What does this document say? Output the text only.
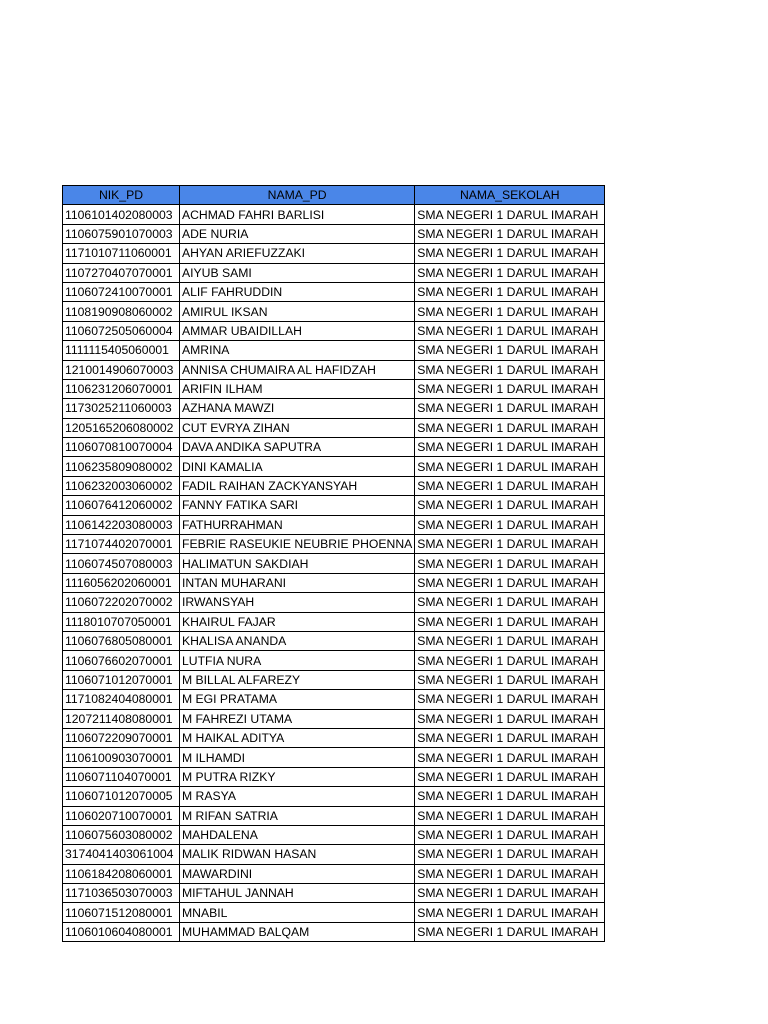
NIK_PD	NAMA_PD	NAMA_SEKOLAH
1106101402080003	ACHMAD FAHRI BARLISI	SMA NEGERI 1 DARUL IMARAH
1106075901070003	ADE NURIA	SMA NEGERI 1 DARUL IMARAH
1171010711060001	AHYAN ARIEFUZZAKI	SMA NEGERI 1 DARUL IMARAH
1107270407070001	AIYUB SAMI	SMA NEGERI 1 DARUL IMARAH
1106072410070001	ALIF FAHRUDDIN	SMA NEGERI 1 DARUL IMARAH
1108190908060002	AMIRUL IKSAN	SMA NEGERI 1 DARUL IMARAH
1106072505060004	AMMAR UBAIDILLAH	SMA NEGERI 1 DARUL IMARAH
1111115405060001	AMRINA	SMA NEGERI 1 DARUL IMARAH
1210014906070003	ANNISA CHUMAIRA AL HAFIDZAH	SMA NEGERI 1 DARUL IMARAH
1106231206070001	ARIFIN ILHAM	SMA NEGERI 1 DARUL IMARAH
1173025211060003	AZHANA MAWZI	SMA NEGERI 1 DARUL IMARAH
1205165206080002	CUT EVRYA ZIHAN	SMA NEGERI 1 DARUL IMARAH
1106070810070004	DAVA ANDIKA SAPUTRA	SMA NEGERI 1 DARUL IMARAH
1106235809080002	DINI KAMALIA	SMA NEGERI 1 DARUL IMARAH
1106232003060002	FADIL RAIHAN ZACKYANSYAH	SMA NEGERI 1 DARUL IMARAH
1106076412060002	FANNY FATIKA SARI	SMA NEGERI 1 DARUL IMARAH
1106142203080003	FATHURRAHMAN	SMA NEGERI 1 DARUL IMARAH
1171074402070001	FEBRIE RASEUKIE NEUBRIE PHOENNA	SMA NEGERI 1 DARUL IMARAH
1106074507080003	HALIMATUN SAKDIAH	SMA NEGERI 1 DARUL IMARAH
1116056202060001	INTAN MUHARANI	SMA NEGERI 1 DARUL IMARAH
1106072202070002	IRWANSYAH	SMA NEGERI 1 DARUL IMARAH
1118010707050001	KHAIRUL FAJAR	SMA NEGERI 1 DARUL IMARAH
1106076805080001	KHALISA ANANDA	SMA NEGERI 1 DARUL IMARAH
1106076602070001	LUTFIA NURA	SMA NEGERI 1 DARUL IMARAH
1106071012070001	M BILLAL ALFAREZY	SMA NEGERI 1 DARUL IMARAH
1171082404080001	M EGI PRATAMA	SMA NEGERI 1 DARUL IMARAH
1207211408080001	M FAHREZI UTAMA	SMA NEGERI 1 DARUL IMARAH
1106072209070001	M HAIKAL ADITYA	SMA NEGERI 1 DARUL IMARAH
1106100903070001	M ILHAMDI	SMA NEGERI 1 DARUL IMARAH
1106071104070001	M PUTRA RIZKY	SMA NEGERI 1 DARUL IMARAH
1106071012070005	M RASYA	SMA NEGERI 1 DARUL IMARAH
1106020710070001	M RIFAN SATRIA	SMA NEGERI 1 DARUL IMARAH
1106075603080002	MAHDALENA	SMA NEGERI 1 DARUL IMARAH
3174041403061004	MALIK RIDWAN HASAN	SMA NEGERI 1 DARUL IMARAH
1106184208060001	MAWARDINI	SMA NEGERI 1 DARUL IMARAH
1171036503070003	MIFTAHUL JANNAH	SMA NEGERI 1 DARUL IMARAH
1106071512080001	MNABIL	SMA NEGERI 1 DARUL IMARAH
1106010604080001	MUHAMMAD BALQAM	SMA NEGERI 1 DARUL IMARAH
